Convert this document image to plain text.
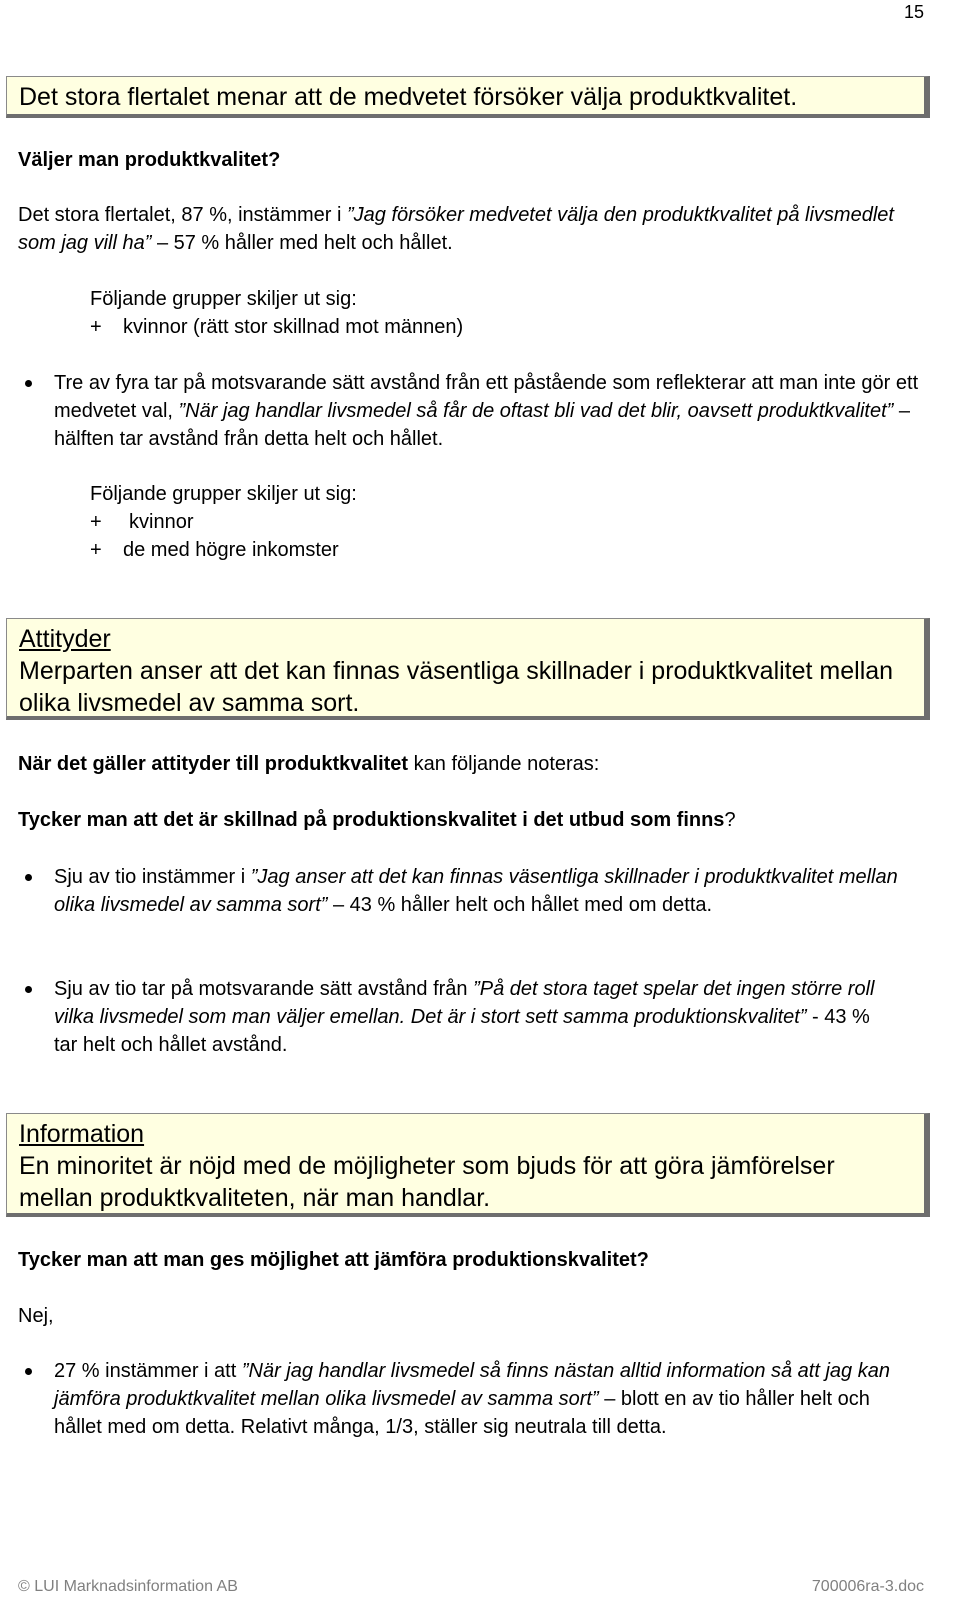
15
Det stora flertalet menar att de medvetet försöker välja produktkvalitet.
Väljer man produktkvalitet?
Det stora flertalet, 87 %, instämmer i ”Jag försöker medvetet välja den produktkvalitet på livsmedlet som jag vill ha” – 57 % håller med helt och hållet.
Följande grupper skiljer ut sig:
+ kvinnor (rätt stor skillnad mot männen)
Tre av fyra tar på motsvarande sätt avstånd från ett påstående som reflekterar att man inte gör ett medvetet val, ”När jag handlar livsmedel så får de oftast bli vad det blir, oavsett produktkvalitet” – hälften tar avstånd från detta helt och hållet.
Följande grupper skiljer ut sig:
+ kvinnor
+ de med högre inkomster
Attityder
Merparten anser att det kan finnas väsentliga skillnader i produktkvalitet mellan olika livsmedel av samma sort.
När det gäller attityder till produktkvalitet kan följande noteras:
Tycker man att det är skillnad på produktionskvalitet i det utbud som finns?
Sju av tio instämmer i ”Jag anser att det kan finnas väsentliga skillnader i produktkvalitet mellan olika livsmedel av samma sort” – 43 % håller helt och hållet med om detta.
Sju av tio tar på motsvarande sätt avstånd från ”På det stora taget spelar det ingen större roll vilka livsmedel som man väljer emellan. Det är i stort sett samma produktionskvalitet” - 43 % tar helt och hållet avstånd.
Information
En minoritet är nöjd med de möjligheter som bjuds för att göra jämförelser mellan produktkvaliteten, när man handlar.
Tycker man att man ges möjlighet att jämföra produktionskvalitet?
Nej,
27 % instämmer i att ”När jag handlar livsmedel så finns nästan alltid information så att jag kan jämföra produktkvalitet mellan olika livsmedel av samma sort” – blott en av tio håller helt och hållet med om detta. Relativt många, 1/3, ställer sig neutrala till detta.
© LUI Marknadsinformation AB	700006ra-3.doc
